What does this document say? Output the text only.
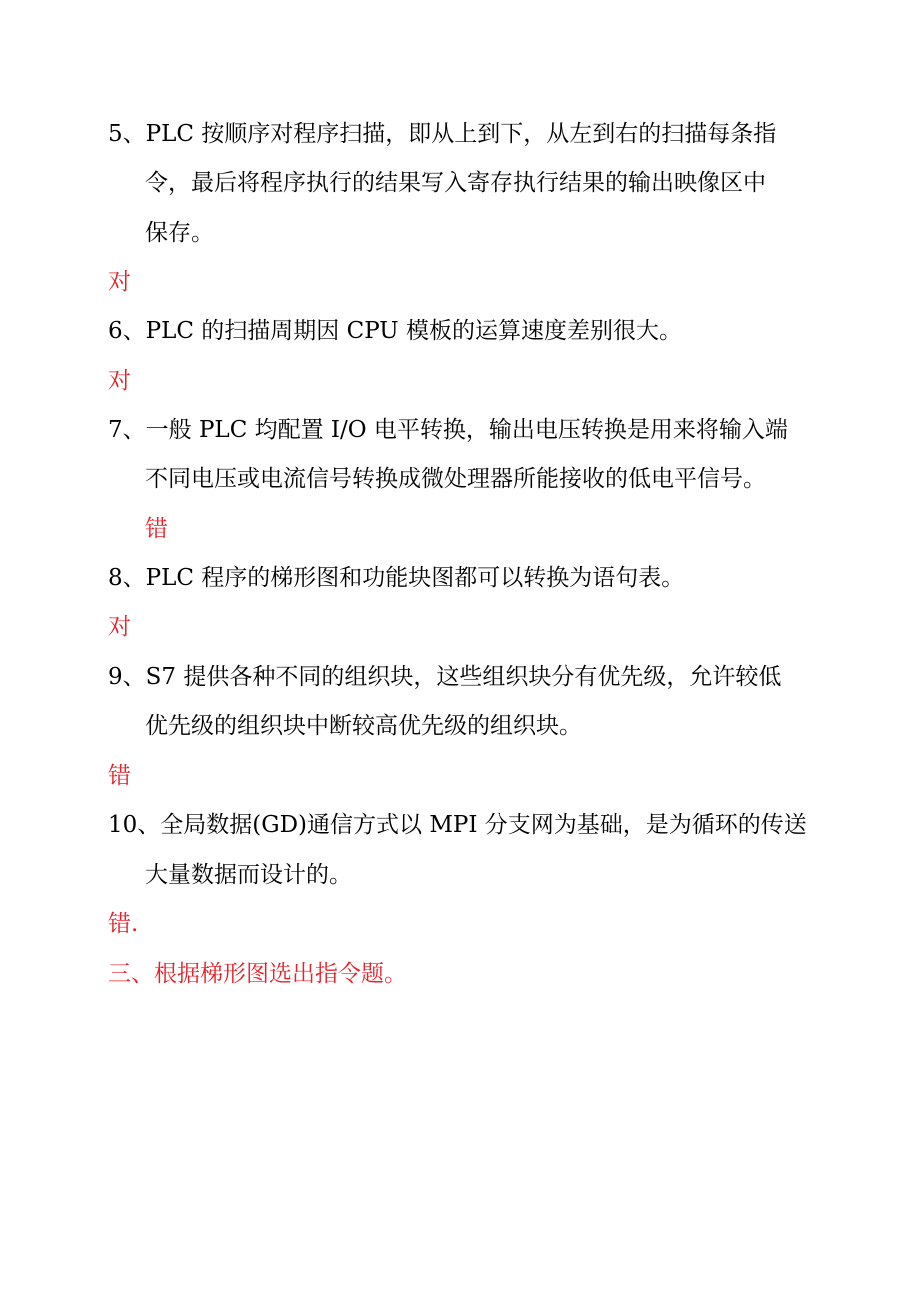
5、PLC 按顺序对程序扫描，即从上到下，从左到右的扫描每条指
令，最后将程序执行的结果写入寄存执行结果的输出映像区中
保存。
对
6、PLC 的扫描周期因 CPU 模板的运算速度差别很大。
对
7、一般 PLC 均配置 I/O 电平转换，输出电压转换是用来将输入端
不同电压或电流信号转换成微处理器所能接收的低电平信号。
错
8、PLC 程序的梯形图和功能块图都可以转换为语句表。
对
9、S7 提供各种不同的组织块，这些组织块分有优先级，允许较低
优先级的组织块中断较高优先级的组织块。
错
10、全局数据(GD)通信方式以 MPI 分支网为基础，是为循环的传送
大量数据而设计的。
错.
三、根据梯形图选出指令题。
